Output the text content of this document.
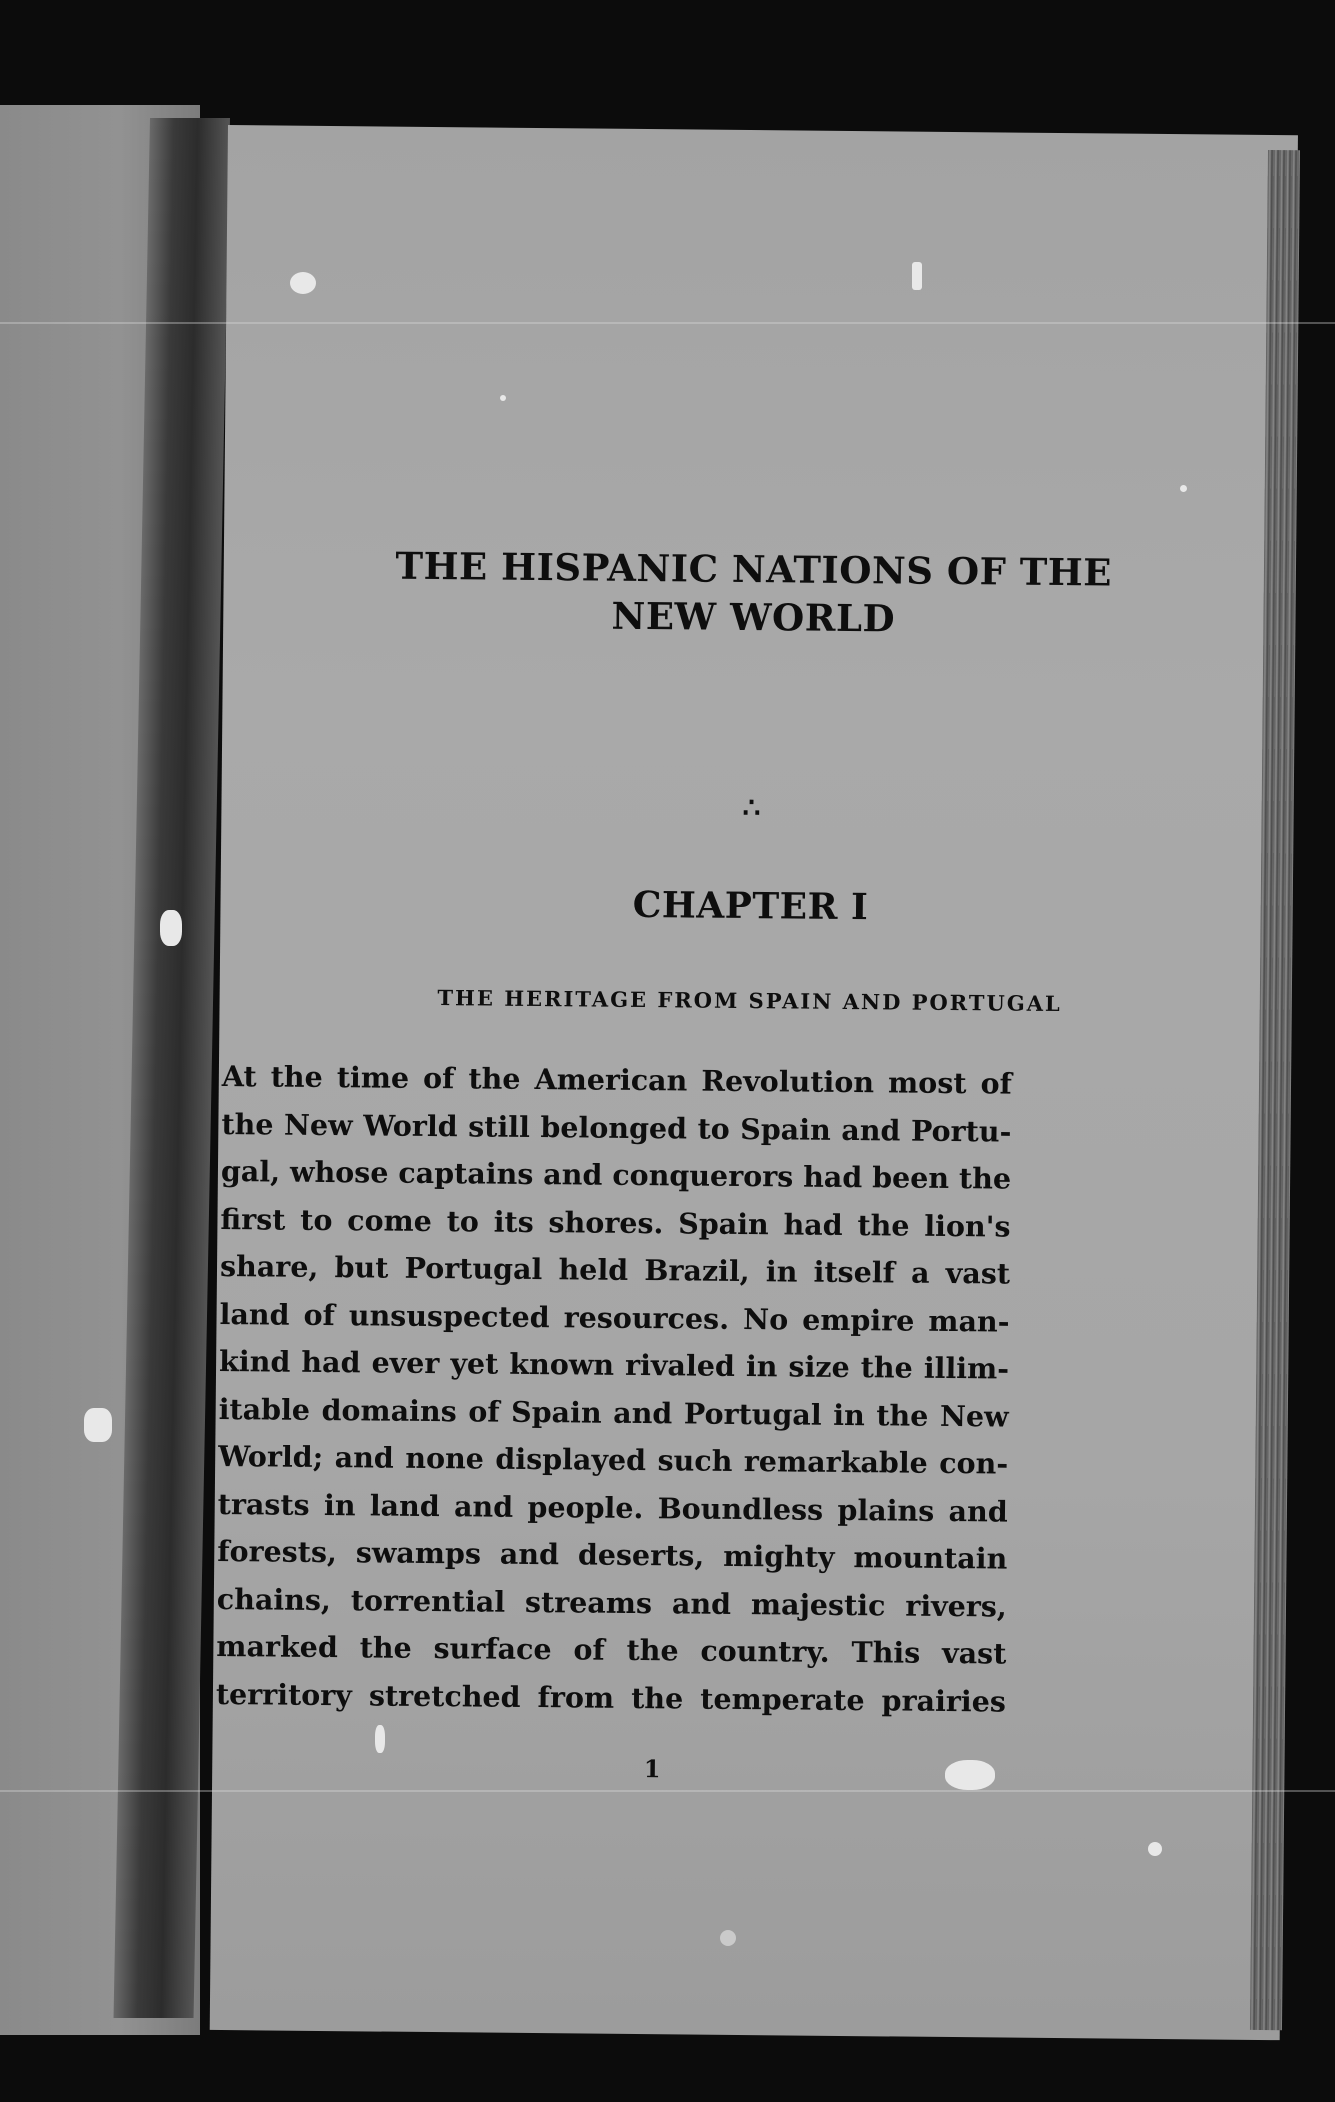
THE HISPANIC NATIONS OF THE
NEW WORLD
∴
CHAPTER I
THE HERITAGE FROM SPAIN AND PORTUGAL
At the time of the American Revolution most of
the New World still belonged to Spain and Portu-
gal, whose captains and conquerors had been the
first to come to its shores. Spain had the lion's
share, but Portugal held Brazil, in itself a vast
land of unsuspected resources. No empire man-
kind had ever yet known rivaled in size the illim-
itable domains of Spain and Portugal in the New
World; and none displayed such remarkable con-
trasts in land and people. Boundless plains and
forests, swamps and deserts, mighty mountain
chains, torrential streams and majestic rivers,
marked the surface of the country. This vast
territory stretched from the temperate prairies
1
